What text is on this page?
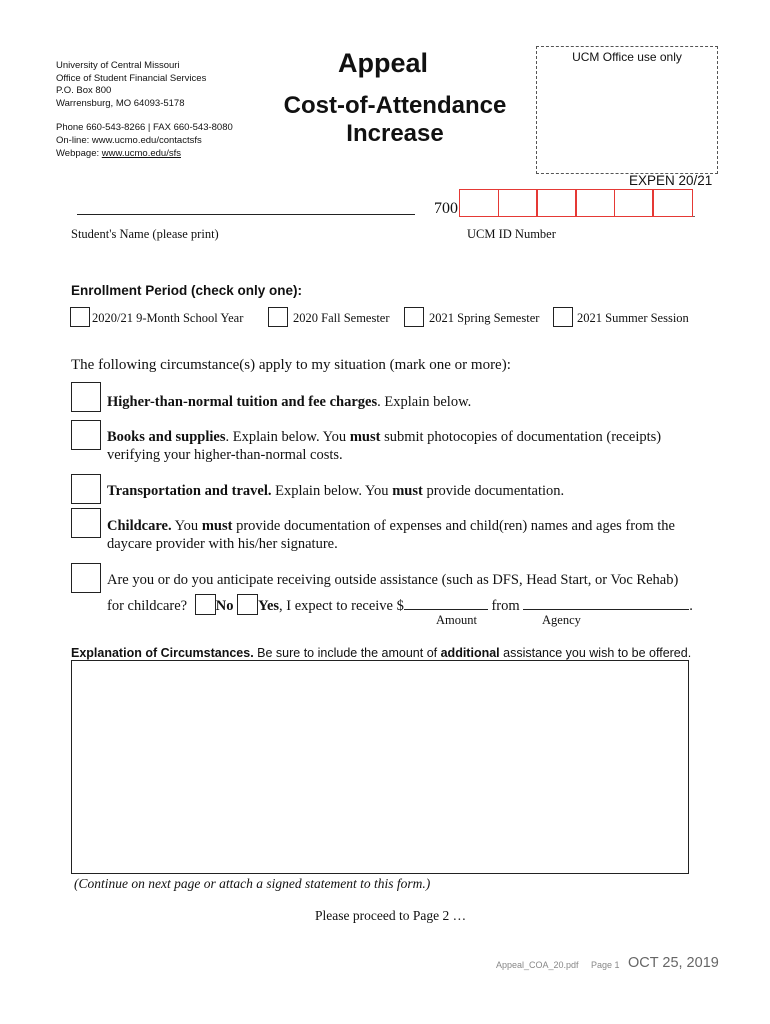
University of Central Missouri
Office of Student Financial Services
P.O. Box 800
Warrensburg, MO 64093-5178
Phone 660-543-8266 | FAX 660-543-8080
On-line: www.ucmo.edu/contactsfs
Webpage: www.ucmo.edu/sfs
Appeal
Cost-of-Attendance
Increase
UCM Office use only
EXPEN 20/21
Student's Name (please print)
700
UCM ID Number
Enrollment Period (check only one):
2020/21 9-Month School Year	2020 Fall Semester	2021 Spring Semester	2021 Summer Session
The following circumstance(s) apply to my situation (mark one or more):
Higher-than-normal tuition and fee charges. Explain below.
Books and supplies. Explain below. You must submit photocopies of documentation (receipts)
verifying your higher-than-normal costs.
Transportation and travel. Explain below. You must provide documentation.
Childcare. You must provide documentation of expenses and child(ren) names and ages from the
daycare provider with his/her signature.
Are you or do you anticipate receiving outside assistance (such as DFS, Head Start, or Voc Rehab)
for childcare? No Yes, I expect to receive $	from	.
Amount	Agency
Explanation of Circumstances. Be sure to include the amount of additional assistance you wish to be offered.
(Continue on next page or attach a signed statement to this form.)
Please proceed to Page 2 …
Appeal_COA_20.pdf Page 1 OCT 25, 2019
